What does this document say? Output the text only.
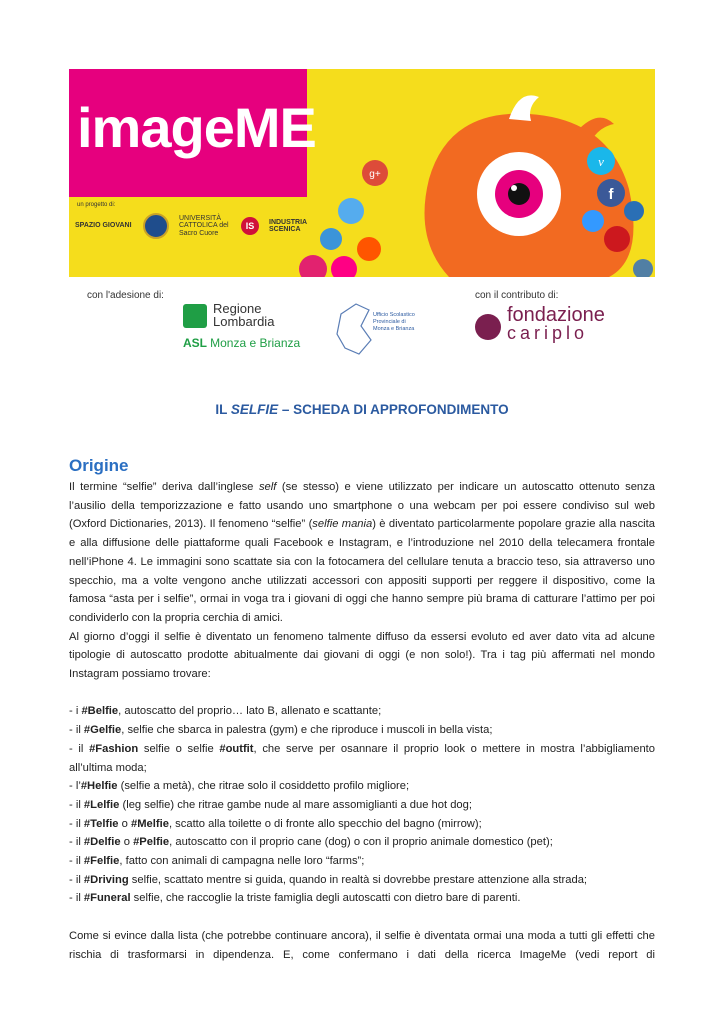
imageME
un progetto di:
SPAZIO GIOVANI
UNIVERSITÀ CATTOLICA del Sacro Cuore
IS	INDUSTRIA SCENICA
g+
v
f
con l'adesione di:
Regione
Lombardia
ASL Monza e Brianza
Ufficio Scolastico Provinciale di Monza e Brianza
con il contributo di:
fondazione
cariplo
IL SELFIE – SCHEDA DI APPROFONDIMENTO
Origine
Il termine “selfie” deriva dall’inglese self (se stesso) e viene utilizzato per indicare un autoscatto ottenuto senza l’ausilio della temporizzazione e fatto usando uno smartphone o una webcam per poi essere condiviso sul web (Oxford Dictionaries, 2013). Il fenomeno “selfie” (selfie mania) è diventato particolarmente popolare grazie alla nascita e alla diffusione delle piattaforme quali Facebook e Instagram, e l’introduzione nel 2010 della telecamera frontale nell’iPhone 4. Le immagini sono scattate sia con la fotocamera del cellulare tenuta a braccio teso, sia attraverso uno specchio, ma a volte vengono anche utilizzati accessori con appositi supporti per reggere il dispositivo, come la famosa “asta per i selfie”, ormai in voga tra i giovani di oggi che hanno sempre più brama di catturare l’attimo per poi condividerlo con la propria cerchia di amici.
Al giorno d’oggi il selfie è diventato un fenomeno talmente diffuso da essersi evoluto ed aver dato vita ad alcune tipologie di autoscatto prodotte abitualmente dai giovani di oggi (e non solo!). Tra i tag più affermati nel mondo Instagram possiamo trovare:
- i #Belfie, autoscatto del proprio… lato B, allenato e scattante;
- il #Gelfie, selfie che sbarca in palestra (gym) e che riproduce i muscoli in bella vista;
- il #Fashion selfie o selfie #outfit, che serve per osannare il proprio look o mettere in mostra l’abbigliamento all’ultima moda;
- l’#Helfie (selfie a metà), che ritrae solo il cosiddetto profilo migliore;
- il #Lelfie (leg selfie) che ritrae gambe nude al mare assomiglianti a due hot dog;
- il #Telfie o #Melfie, scatto alla toilette o di fronte allo specchio del bagno (mirrow);
- il #Delfie o #Pelfie, autoscatto con il proprio cane (dog) o con il proprio animale domestico (pet);
- il #Felfie, fatto con animali di campagna nelle loro “farms”;
- il #Driving selfie, scattato mentre si guida, quando in realtà si dovrebbe prestare attenzione alla strada;
- il #Funeral selfie, che raccoglie la triste famiglia degli autoscatti con dietro bare di parenti.
Come si evince dalla lista (che potrebbe continuare ancora), il selfie è diventata ormai una moda a tutti gli effetti che rischia di trasformarsi in dipendenza. E, come confermano i dati della ricerca ImageMe (vedi report di
